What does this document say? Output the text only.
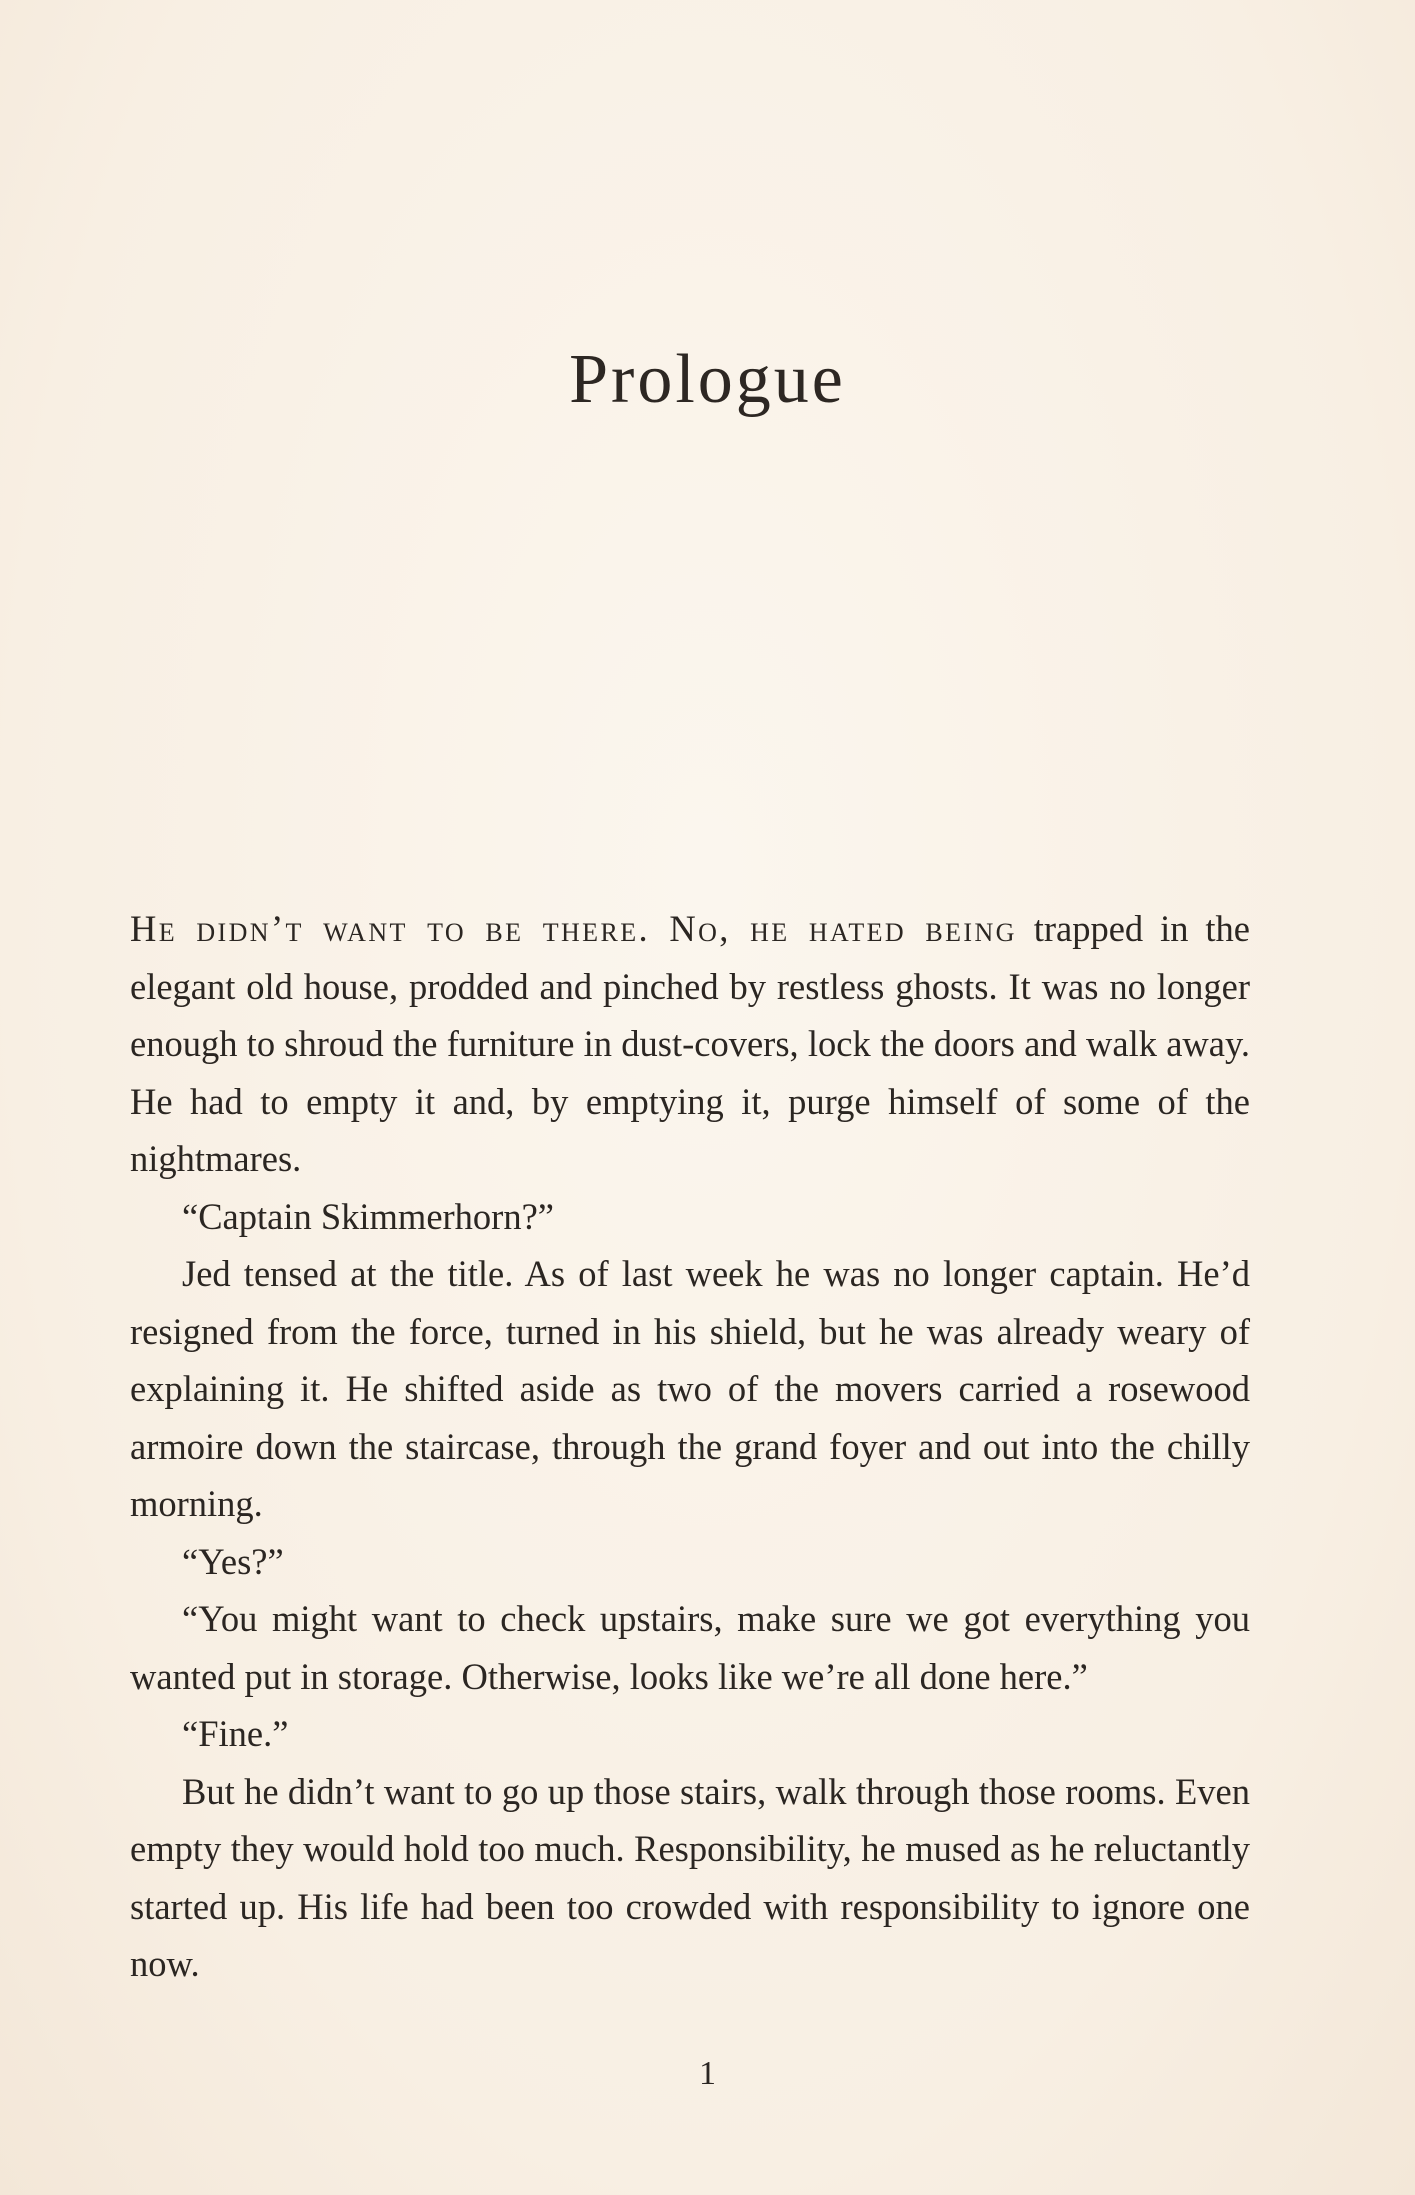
Prologue

He didn’t want to be there. No, he hated being trapped in the elegant old house, prodded and pinched by restless ghosts. It was no longer enough to shroud the furniture in dust-covers, lock the doors and walk away. He had to empty it and, by emptying it, purge himself of some of the nightmares.

“Captain Skimmerhorn?”

Jed tensed at the title. As of last week he was no longer captain. He’d resigned from the force, turned in his shield, but he was already weary of explaining it. He shifted aside as two of the movers carried a rosewood armoire down the staircase, through the grand foyer and out into the chilly morning.

“Yes?”

“You might want to check upstairs, make sure we got everything you wanted put in storage. Otherwise, looks like we’re all done here.”

“Fine.”

But he didn’t want to go up those stairs, walk through those rooms. Even empty they would hold too much. Responsibility, he mused as he reluctantly started up. His life had been too crowded with responsibility to ignore one now.

1
